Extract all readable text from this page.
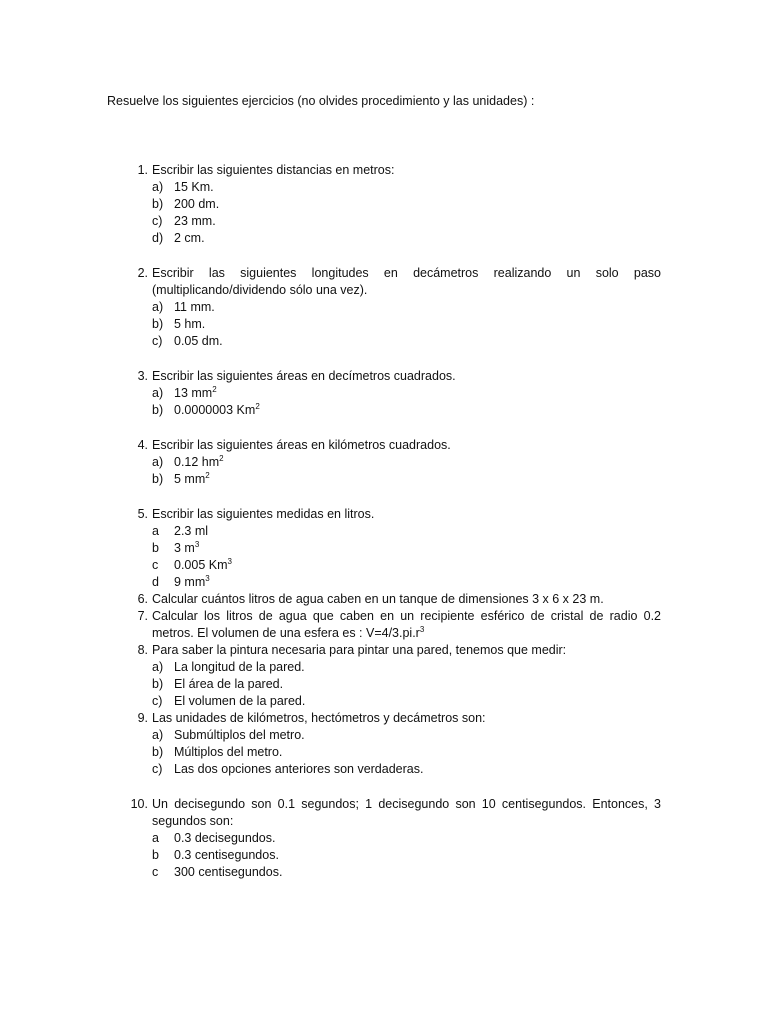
Resuelve los siguientes ejercicios (no olvides procedimiento y las unidades) :
1. Escribir las siguientes distancias en metros:
a) 15 Km.
b) 200 dm.
c) 23 mm.
d) 2 cm.
2. Escribir las siguientes longitudes en decámetros realizando un solo paso (multiplicando/dividendo sólo una vez).
a) 11 mm.
b) 5 hm.
c) 0.05 dm.
3. Escribir las siguientes áreas en decímetros cuadrados.
a) 13 $mm^2$
b) 0.0000003 Km$^2$
4. Escribir las siguientes áreas en kilómetros cuadrados.
a) 0.12 $hm^2$
b) 5 $mm^2$
5. Escribir las siguientes medidas en litros.
a 2.3 ml
b 3 $m^3$
c 0.005 Km$^3$
d 9 $mm^3$
6. Calcular cuántos litros de agua caben en un tanque de dimensiones 3 x 6 x 23 m.
7. Calcular los litros de agua que caben en un recipiente esférico de cristal de radio 0.2 metros. El volumen de una esfera es : $V=4/3.pi.r^3$
8. Para saber la pintura necesaria para pintar una pared, tenemos que medir:
a) La longitud de la pared.
b) El área de la pared.
c) El volumen de la pared.
9. Las unidades de kilómetros, hectómetros y decámetros son:
a) Submúltiplos del metro.
b) Múltiplos del metro.
c) Las dos opciones anteriores son verdaderas.
10. Un decisegundo son 0.1 segundos; 1 decisegundo son 10 centisegundos. Entonces, 3 segundos son:
a 0.3 decisegundos.
b 0.3 centisegundos.
c 300 centisegundos.
